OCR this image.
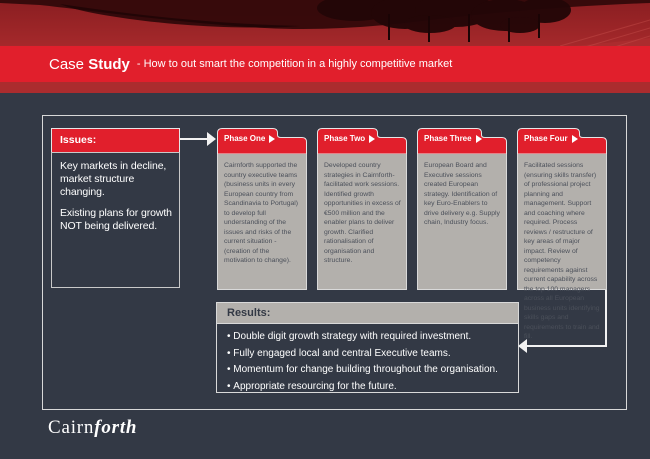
Case Study - How to out smart the competition in a highly competitive market
Issues:

Key markets in decline, market structure changing.

Existing plans for growth NOT being delivered.

Phase One

Cairnforth supported the country executive teams (business units in every European country from Scandinavia to Portugal) to develop full understanding of the issues and risks of the current situation - (creation of the motivation to change).

Phase Two

Developed country strategies in Cairnforth-facilitated work sessions. Identified growth opportunities in excess of €500 million and the enabler plans to deliver growth. Clarified rationalisation of organisation and structure.

Phase Three

European Board and Executive sessions created European strategy. Identification of key Euro-Enablers to drive delivery e.g. Supply chain, Industry focus.

Phase Four

Facilitated sessions (ensuring skills transfer) of professional project planning and management. Support and coaching where required. Process reviews / restructure of key areas of major impact. Review of competency requirements against current capability across the top 100 managers across all European business units identifying skills gaps and requirements to train and fill.

Results:

• Double digit growth strategy with required investment.

• Fully engaged local and central Executive teams.

• Momentum for change building throughout the organisation.

• Appropriate resourcing for the future.

Cairnforth
